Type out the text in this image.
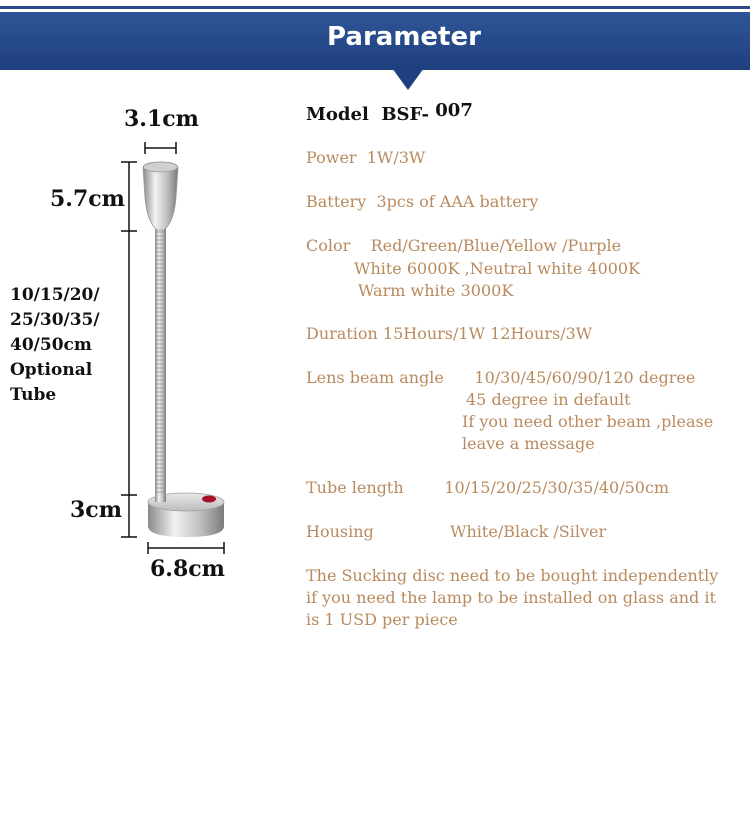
Parameter
3.1cm
5.7cm
10/15/20/
25/30/35/
40/50cm
Optional
Tube
3cm
6.8cm
Model  BSF- 007
Power  1W/3W
Battery  3pcs of AAA battery
Color    Red/Green/Blue/Yellow /Purple
White 6000K ,Neutral white 4000K
Warm white 3000K
Duration 15Hours/1W 12Hours/3W
Lens beam angle      10/30/45/60/90/120 degree
45 degree in default
If you need other beam ,please
leave a message
Tube length        10/15/20/25/30/35/40/50cm
Housing               White/Black /Silver
The Sucking disc need to be bought independently
if you need the lamp to be installed on glass and it
is 1 USD per piece
